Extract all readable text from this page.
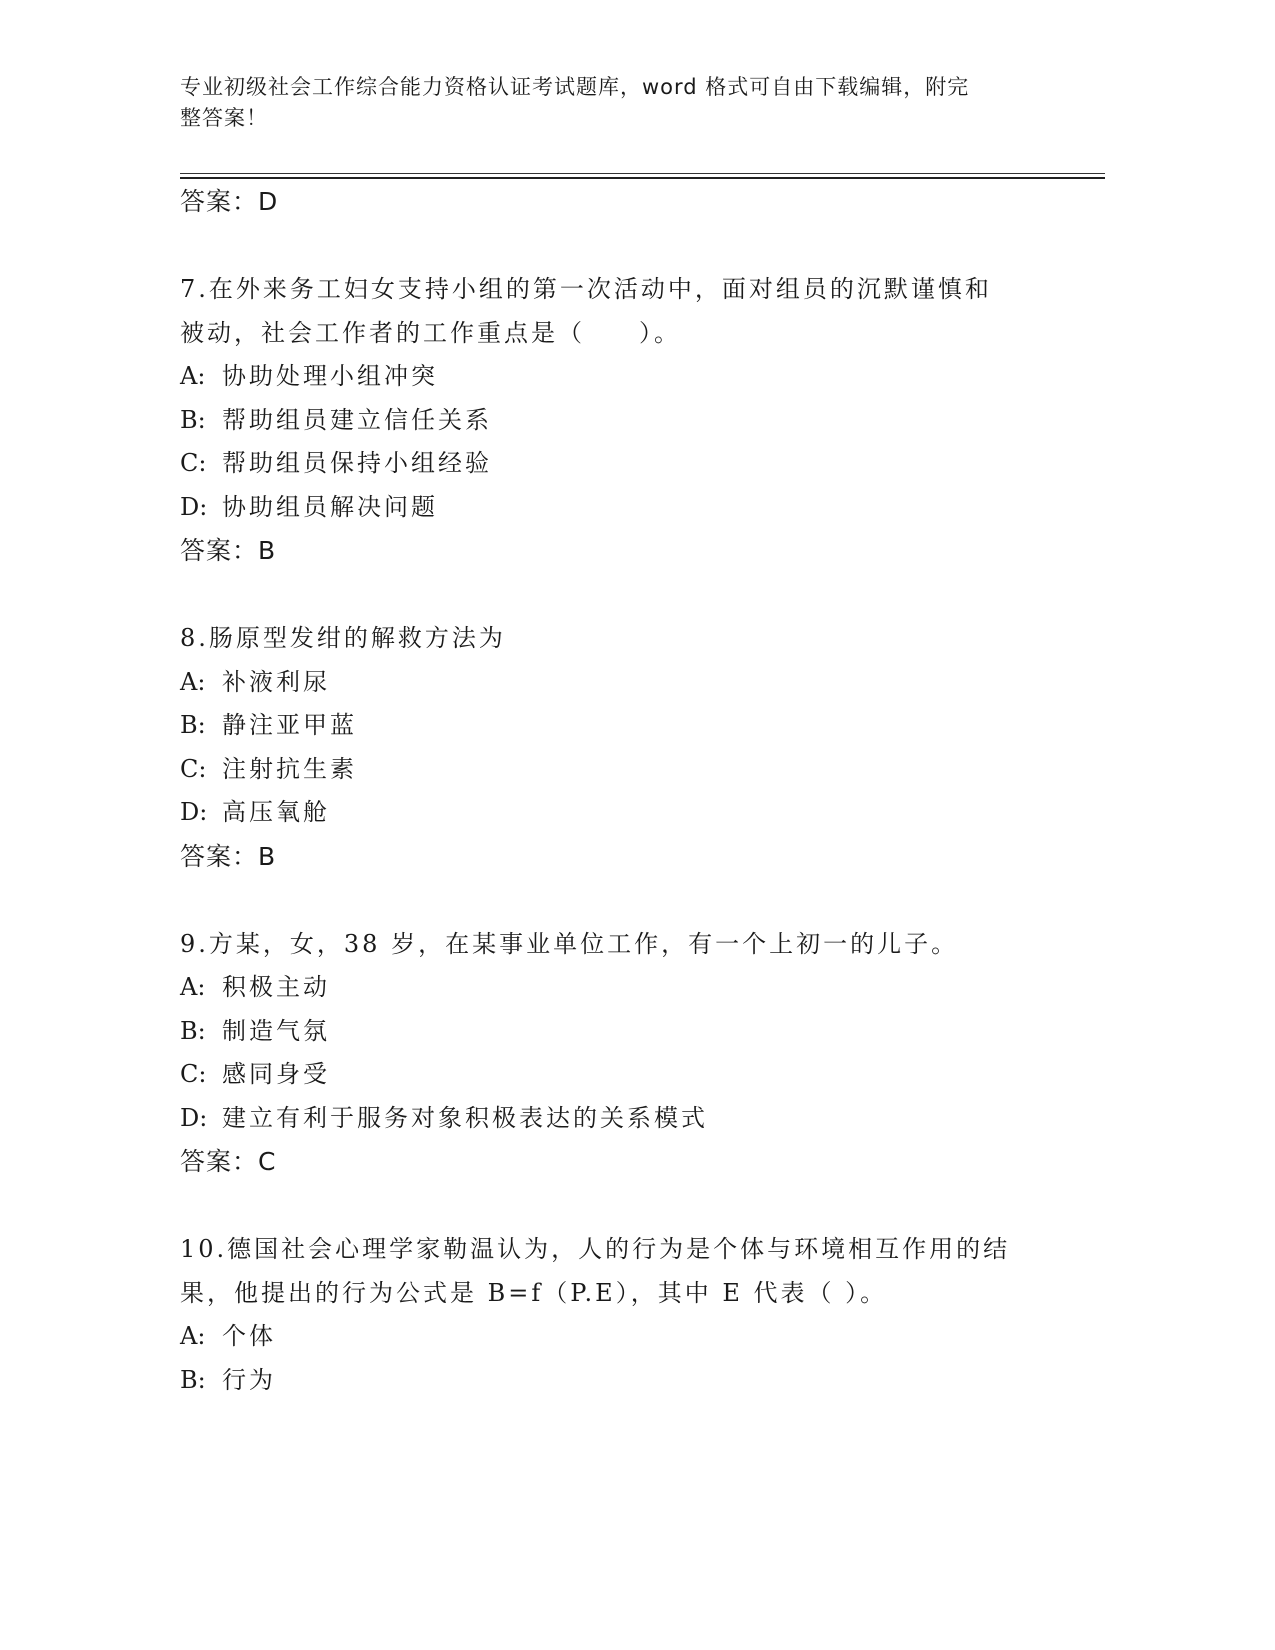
专业初级社会工作综合能力资格认证考试题库，word 格式可自由下载编辑，附完
整答案！
答案：D
7.在外来务工妇女支持小组的第一次活动中，面对组员的沉默谨慎和
被动，社会工作者的工作重点是（　　）。
A: 协助处理小组冲突
B: 帮助组员建立信任关系
C: 帮助组员保持小组经验
D: 协助组员解决问题
答案：B
8.肠原型发绀的解救方法为
A: 补液利尿
B: 静注亚甲蓝
C: 注射抗生素
D: 高压氧舱
答案：B
9.方某，女，38 岁，在某事业单位工作，有一个上初一的儿子。
A: 积极主动
B: 制造气氛
C: 感同身受
D: 建立有利于服务对象积极表达的关系模式
答案：C
10.德国社会心理学家勒温认为，人的行为是个体与环境相互作用的结
果，他提出的行为公式是 B=f（P.E），其中 E 代表（ ）。
A: 个体
B: 行为
